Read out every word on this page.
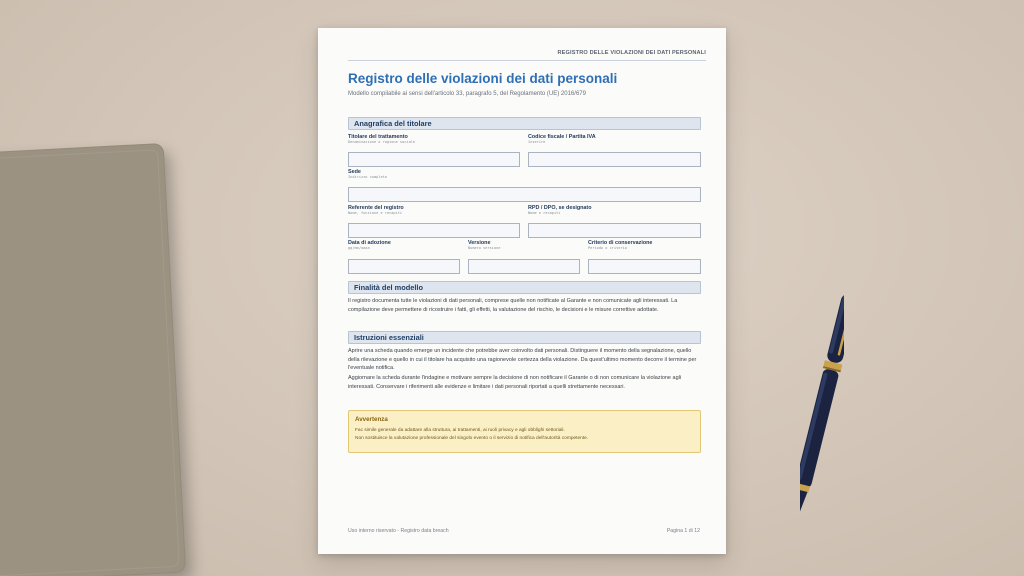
REGISTRO DELLE VIOLAZIONI DEI DATI PERSONALI
Registro delle violazioni dei dati personali
Modello compilabile ai sensi dell'articolo 33, paragrafo 5, del Regolamento (UE) 2016/679
Anagrafica del titolare
Titolare del trattamento
Denominazione o ragione sociale
Codice fiscale / Partita IVA
Inserire
Sede
Indirizzo completo
Referente del registro
Nome, funzione e recapiti
RPD / DPO, se designato
Nome e recapiti
Data di adozione
gg/mm/aaaa
Versione
Numero versione
Criterio di conservazione
Periodo o criterio
Finalità del modello
Il registro documenta tutte le violazioni di dati personali, comprese quelle non notificate al Garante e non comunicate agli interessati. La compilazione deve permettere di ricostruire i fatti, gli effetti, la valutazione del rischio, le decisioni e le misure correttive adottate.
Istruzioni essenziali
Aprire una scheda quando emerge un incidente che potrebbe aver coinvolto dati personali. Distinguere il momento della segnalazione, quello della rilevazione e quello in cui il titolare ha acquisito una ragionevole certezza della violazione. Da quest'ultimo momento decorre il termine per l'eventuale notifica.
Aggiornare la scheda durante l'indagine e motivare sempre la decisione di non notificare il Garante o di non comunicare la violazione agli interessati. Conservare i riferimenti alle evidenze e limitare i dati personali riportati a quelli strettamente necessari.
Avvertenza
Fac simile generale da adattare alla struttura, ai trattamenti, ai ruoli privacy e agli obblighi settoriali.
Non sostituisce la valutazione professionale del singolo evento o il servizio di notifica dell'autorità competente.
Uso interno riservato - Registro data breach	Pagina 1 di 12
